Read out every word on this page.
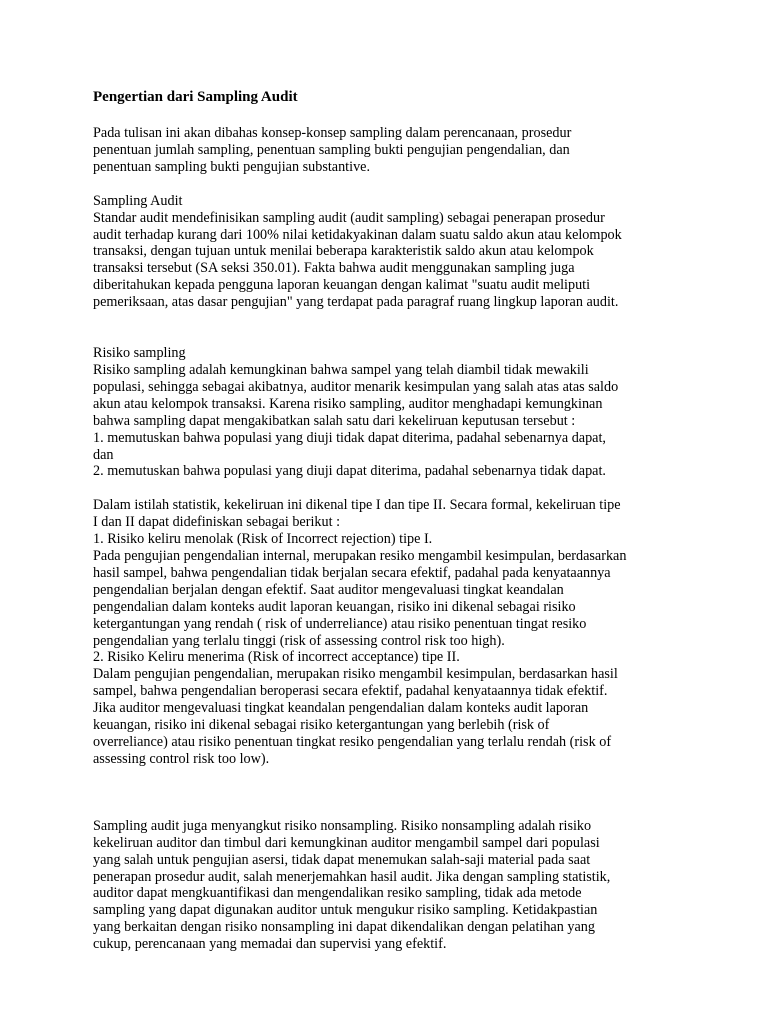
Pengertian dari Sampling Audit
Pada tulisan ini akan dibahas konsep-konsep sampling dalam perencanaan, prosedur
penentuan jumlah sampling, penentuan sampling bukti pengujian pengendalian, dan
penentuan sampling bukti pengujian substantive.
Sampling Audit
Standar audit mendefinisikan sampling audit (audit sampling) sebagai penerapan prosedur
audit terhadap kurang dari 100% nilai ketidakyakinan dalam suatu saldo akun atau kelompok
transaksi, dengan tujuan untuk menilai beberapa karakteristik saldo akun atau kelompok
transaksi tersebut (SA seksi 350.01). Fakta bahwa audit menggunakan sampling juga
diberitahukan kepada pengguna laporan keuangan dengan kalimat "suatu audit meliputi
pemeriksaan, atas dasar pengujian" yang terdapat pada paragraf ruang lingkup laporan audit.
Risiko sampling
Risiko sampling adalah kemungkinan bahwa sampel yang telah diambil tidak mewakili
populasi, sehingga sebagai akibatnya, auditor menarik kesimpulan yang salah atas atas saldo
akun atau kelompok transaksi. Karena risiko sampling, auditor menghadapi kemungkinan
bahwa sampling dapat mengakibatkan salah satu dari kekeliruan keputusan tersebut :
1. memutuskan bahwa populasi yang diuji tidak dapat diterima, padahal sebenarnya dapat,
dan
2. memutuskan bahwa populasi yang diuji dapat diterima, padahal sebenarnya tidak dapat.
Dalam istilah statistik, kekeliruan ini dikenal tipe I dan tipe II. Secara formal, kekeliruan tipe
I dan II dapat didefiniskan sebagai berikut :
1. Risiko keliru menolak (Risk of Incorrect rejection) tipe I.
Pada pengujian pengendalian internal, merupakan resiko mengambil kesimpulan, berdasarkan
hasil sampel, bahwa pengendalian tidak berjalan secara efektif, padahal pada kenyataannya
pengendalian berjalan dengan efektif. Saat auditor mengevaluasi tingkat keandalan
pengendalian dalam konteks audit laporan keuangan, risiko ini dikenal sebagai risiko
ketergantungan yang rendah ( risk of underreliance) atau risiko penentuan tingat resiko
pengendalian yang terlalu tinggi (risk of assessing control risk too high).
2. Risiko Keliru menerima (Risk of incorrect acceptance) tipe II.
Dalam pengujian pengendalian, merupakan risiko mengambil kesimpulan, berdasarkan hasil
sampel, bahwa pengendalian beroperasi secara efektif, padahal kenyataannya tidak efektif.
Jika auditor mengevaluasi tingkat keandalan pengendalian dalam konteks audit laporan
keuangan, risiko ini dikenal sebagai risiko ketergantungan yang berlebih (risk of
overreliance) atau risiko penentuan tingkat resiko pengendalian yang terlalu rendah (risk of
assessing control risk too low).
Sampling audit juga menyangkut risiko nonsampling. Risiko nonsampling adalah risiko
kekeliruan auditor dan timbul dari kemungkinan auditor mengambil sampel dari populasi
yang salah untuk pengujian asersi, tidak dapat menemukan salah-saji material pada saat
penerapan prosedur audit, salah menerjemahkan hasil audit. Jika dengan sampling statistik,
auditor dapat mengkuantifikasi dan mengendalikan resiko sampling, tidak ada metode
sampling yang dapat digunakan auditor untuk mengukur risiko sampling. Ketidakpastian
yang berkaitan dengan risiko nonsampling ini dapat dikendalikan dengan pelatihan yang
cukup, perencanaan yang memadai dan supervisi yang efektif.
